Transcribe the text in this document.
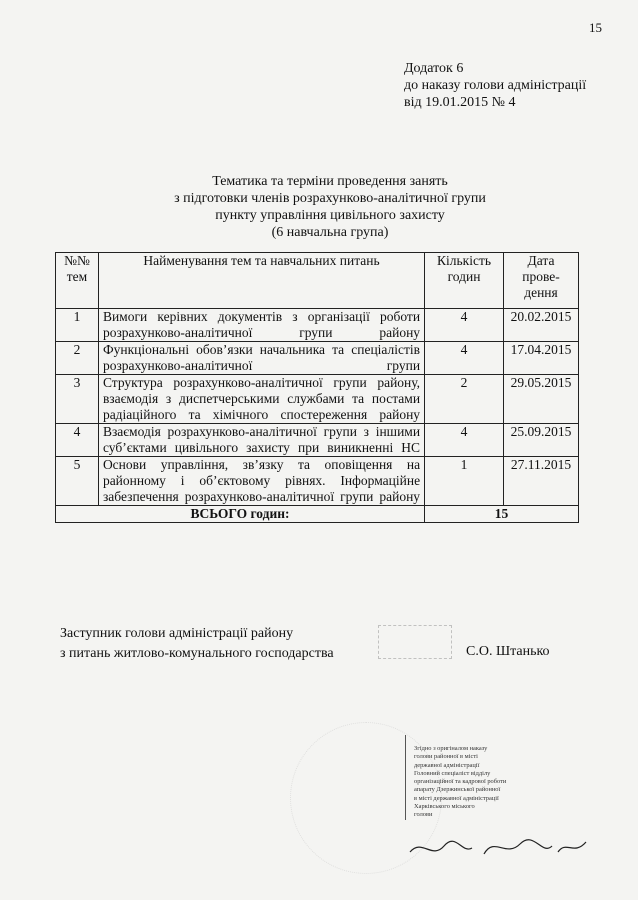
15
Додаток 6
до наказу голови адміністрації
від 19.01.2015 № 4
Тематика та терміни проведення занять
з підготовки членів розрахунково-аналітичної групи
пункту управління цивільного захисту
(6 навчальна група)
№№ тем	Найменування тем та навчальних питань	Кількість годин	Дата прове-дення
1	Вимоги керівних документів з організації роботи розрахунково-аналітичної групи району	4	20.02.2015
2	Функціональні обов’язки начальника та спеціалістів розрахунково-аналітичної групи	4	17.04.2015
3	Структура розрахунково-аналітичної групи району, взаємодія з диспетчерськими службами та постами радіаційного та хімічного спостереження району	2	29.05.2015
4	Взаємодія розрахунково-аналітичної групи з іншими суб’єктами цивільного захисту при виникненні НС	4	25.09.2015
5	Основи управління, зв’язку та оповіщення на районному і об’єктовому рівнях. Інформаційне забезпечення розрахунково-аналітичної групи району	1	27.11.2015
ВСЬОГО годин:		15	
Заступник голови адміністрації району
з питань житлово-комунального господарства	С.О. Штанько
Згідно з оригіналом наказу
голови районної в місті
державної адміністрації
Головний спеціаліст відділу
організаційної та кадрової роботи
апарату Дзержинської районної
в місті державної адміністрації
Харківського міського
голови
